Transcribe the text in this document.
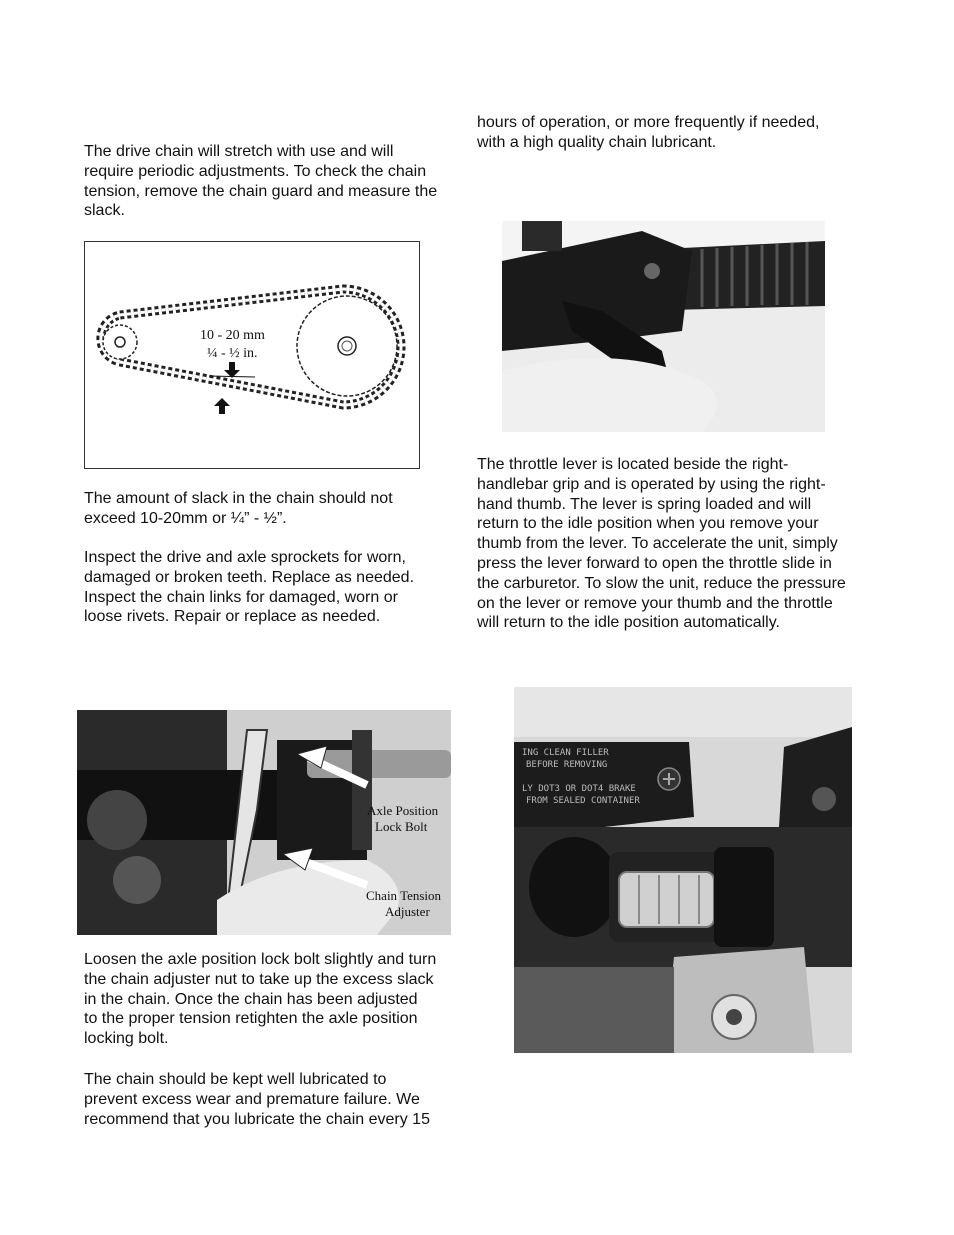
The drive chain will stretch with use and will
require periodic adjustments. To check the chain
tension, remove the chain guard and measure the
slack.
10 - 20 mm
¼ - ½ in.
The amount of slack in the chain should not
exceed 10-20mm or ¼” - ½”.
Inspect the drive and axle sprockets for worn,
damaged or broken teeth. Replace as needed.
Inspect the chain links for damaged, worn or
loose rivets. Repair or replace as needed.
Axle Position
Lock Bolt
Chain Tension
Adjuster
Loosen the axle position lock bolt slightly and turn
the chain adjuster nut to take up the excess slack
in the chain. Once the chain has been adjusted
to the proper tension retighten the axle position
locking bolt.
The chain should be kept well lubricated to
prevent excess wear and premature failure. We
recommend that you lubricate the chain every 15
hours of operation, or more frequently if needed,
with a high quality chain lubricant.
The throttle lever is located beside the right-
handlebar grip and is operated by using the right-
hand thumb. The lever is spring loaded and will
return to the idle position when you remove your
thumb from the lever. To accelerate the unit, simply
press the lever forward to open the throttle slide in
the carburetor. To slow the unit, reduce the pressure
on the lever or remove your thumb and the throttle
will return to the idle position automatically.
ING CLEAN FILLER
BEFORE REMOVING
LY DOT3 OR DOT4 BRAKE
FROM SEALED CONTAINER
